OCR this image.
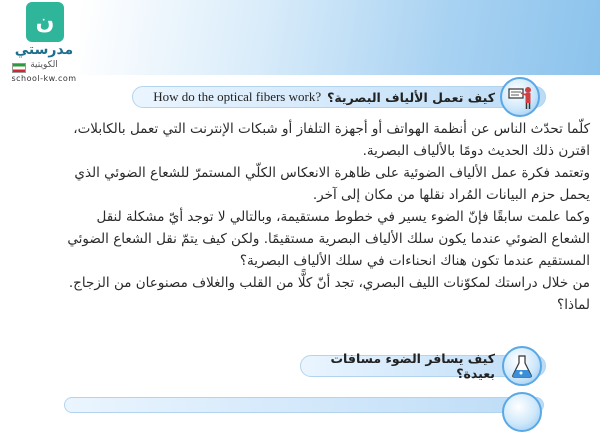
ن
مدرستي
الكويتية
school-kw.com
How do the optical fibers work? كيف تعمل الألياف البصرية؟

كلّما تحدّث الناس عن أنظمة الهواتف أو أجهزة التلفاز أو شبكات الإنترنت التي تعمل بالكابلات، اقترن ذلك الحديث دومًا بالألياف البصرية.

وتعتمد فكرة عمل الألياف الضوئية على ظاهرة الانعكاس الكلّي المستمرّ للشعاع الضوئي الذي يحمل حزم البيانات المُراد نقلها من مكان إلى آخر.

وكما علمت سابقًا فإنّ الضوء يسير في خطوط مستقيمة، وبالتالي لا توجد أيّ مشكلة لنقل الشعاع الضوئي عندما يكون سلك الألياف البصرية مستقيمًا. ولكن كيف يتمّ نقل الشعاع الضوئي المستقيم عندما تكون هناك انحناءات في سلك الألياف البصرية؟

من خلال دراستك لمكوّنات الليف البصري، تجد أنّ كلًّا من القلب والغلاف مصنوعان من الزجاج. لماذا؟

كيف يسافر الضوء مسافات بعيدة؟
